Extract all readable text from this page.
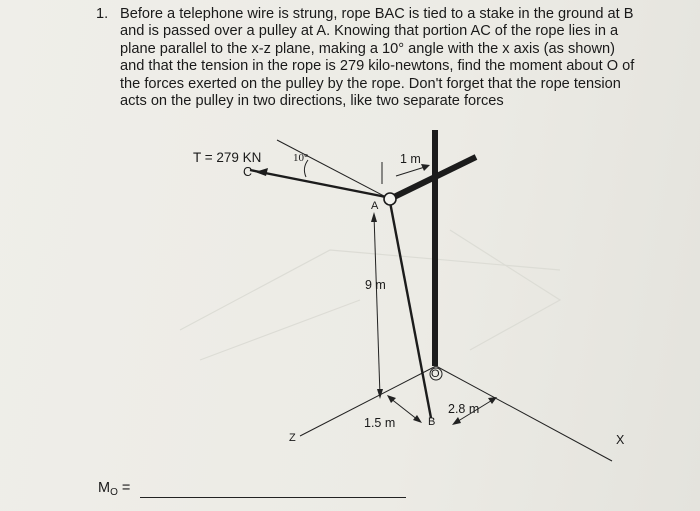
1. Before a telephone wire is strung, rope BAC is tied to a stake in the ground at B and is passed over a pulley at A. Knowing that portion AC of the rope lies in a plane parallel to the x-z plane, making a 10° angle with the x axis (as shown) and that the tension in the rope is 279 kilo-newtons, find the moment about O of the forces exerted on the pulley by the rope. Don't forget that the rope tension acts on the pulley in two directions, like two separate forces
T = 279 KN
C
10°	1 m
A
9 m
O
2.8 m
1.5 m	B
Z	X
$M_O$ =
